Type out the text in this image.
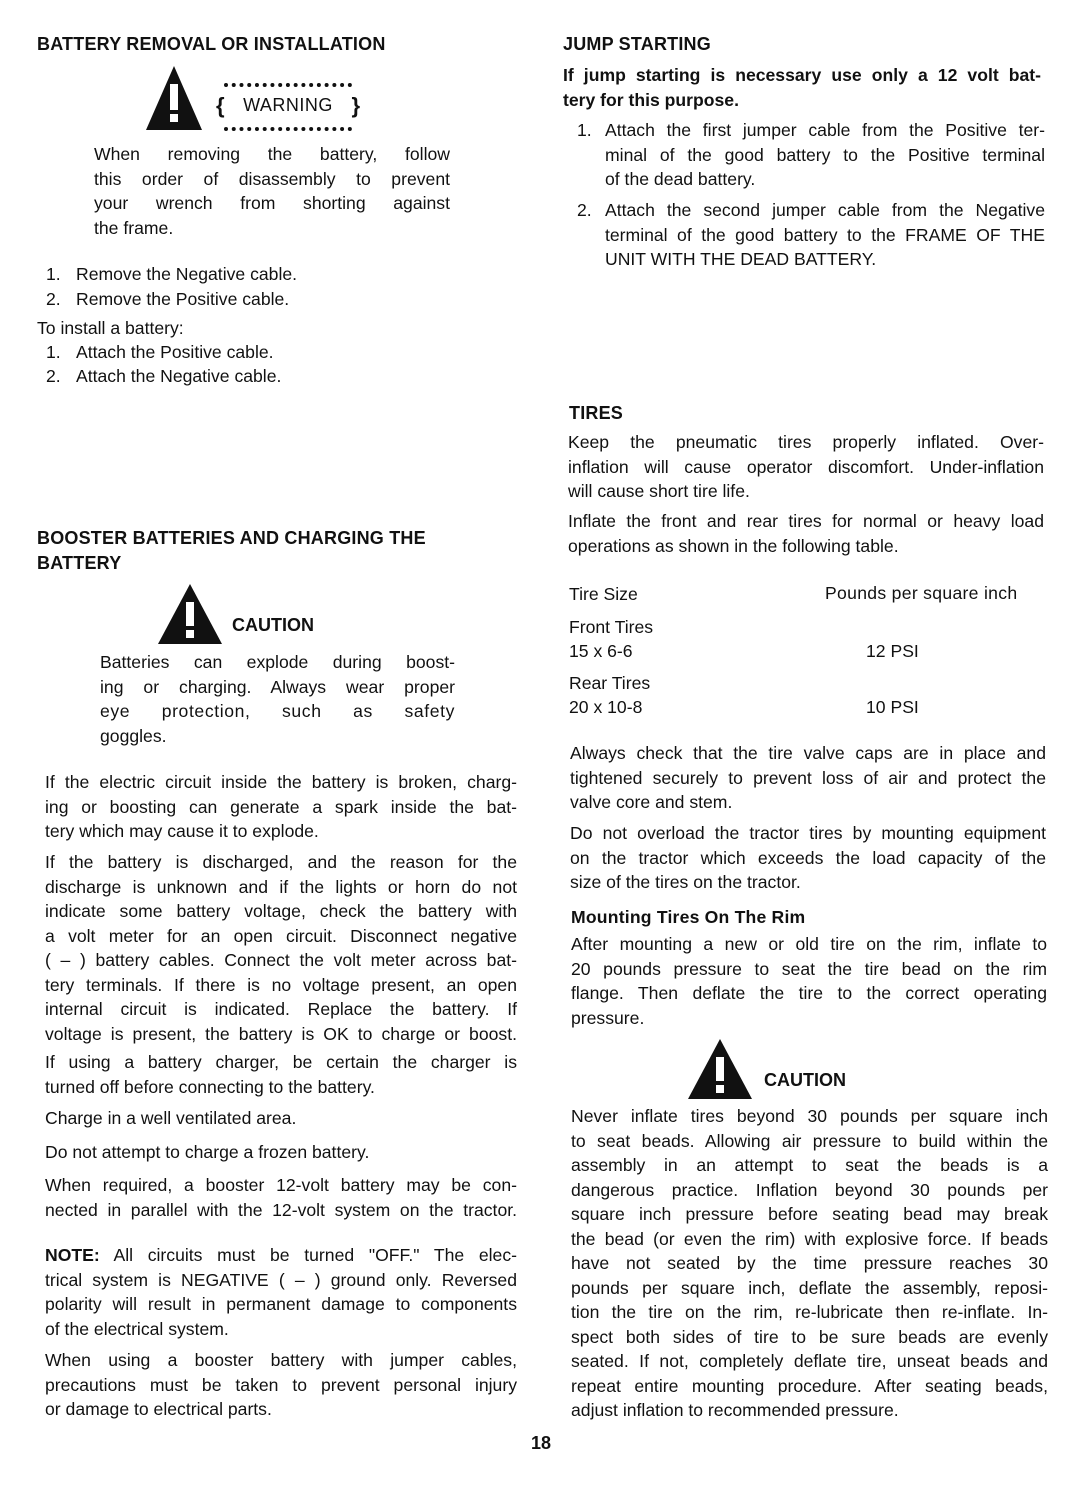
BATTERY REMOVAL OR INSTALLATION
{	}
WARNING

When removing the battery, follow

this order of disassembly to prevent

your wrench from shorting against

the frame.

1. Remove the Negative cable.
2. Remove the Positive cable.

To install a battery:

1. Attach the Positive cable.
2. Attach the Negative cable.
BOOSTER BATTERIES AND CHARGING THE
BATTERY
CAUTION

Batteries can explode during boost-

ing or charging. Always wear proper

eye protection, such as safety

goggles.

If the electric circuit inside the battery is broken, charg-

ing or boosting can generate a spark inside the bat-

tery which may cause it to explode.

If the battery is discharged, and the reason for the

discharge is unknown and if the lights or horn do not

indicate some battery voltage, check the battery with

a volt meter for an open circuit. Disconnect negative

( – ) battery cables. Connect the volt meter across bat-

tery terminals. If there is no voltage present, an open

internal circuit is indicated. Replace the battery. If

voltage is present, the battery is OK to charge or boost.

If using a battery charger, be certain the charger is

turned off before connecting to the battery.

Charge in a well ventilated area.

Do not attempt to charge a frozen battery.

When required, a booster 12-volt battery may be con-

nected in parallel with the 12-volt system on the tractor.

NOTE: All circuits must be turned "OFF." The elec-

trical system is NEGATIVE ( – ) ground only. Reversed

polarity will result in permanent damage to components

of the electrical system.

When using a booster battery with jumper cables,

precautions must be taken to prevent personal injury

or damage to electrical parts.

JUMP STARTING

If jump starting is necessary use only a 12 volt bat-

tery for this purpose.

1. Attach the first jumper cable from the Positive ter-

minal of the good battery to the Positive terminal

of the dead battery.

2. Attach the second jumper cable from the Negative

terminal of the good battery to the FRAME OF THE

UNIT WITH THE DEAD BATTERY.

TIRES

Keep the pneumatic tires properly inflated. Over-

inflation will cause operator discomfort. Under-inflation

will cause short tire life.

Inflate the front and rear tires for normal or heavy load

operations as shown in the following table.

Tire Size	Pounds per square inch
Front Tires
15 x 6-6	12 PSI
Rear Tires
20 x 10-8	10 PSI

Always check that the tire valve caps are in place and

tightened securely to prevent loss of air and protect the

valve core and stem.

Do not overload the tractor tires by mounting equipment

on the tractor which exceeds the load capacity of the

size of the tires on the tractor.

Mounting Tires On The Rim

After mounting a new or old tire on the rim, inflate to

20 pounds pressure to seat the tire bead on the rim

flange. Then deflate the tire to the correct operating

pressure.

CAUTION

Never inflate tires beyond 30 pounds per square inch

to seat beads. Allowing air pressure to build within the

assembly in an attempt to seat the beads is a

dangerous practice. Inflation beyond 30 pounds per

square inch pressure before seating bead may break

the bead (or even the rim) with explosive force. If beads

have not seated by the time pressure reaches 30

pounds per square inch, deflate the assembly, reposi-

tion the tire on the rim, re-lubricate then re-inflate. In-

spect both sides of tire to be sure beads are evenly

seated. If not, completely deflate tire, unseat beads and

repeat entire mounting procedure. After seating beads,

adjust inflation to recommended pressure.

18
